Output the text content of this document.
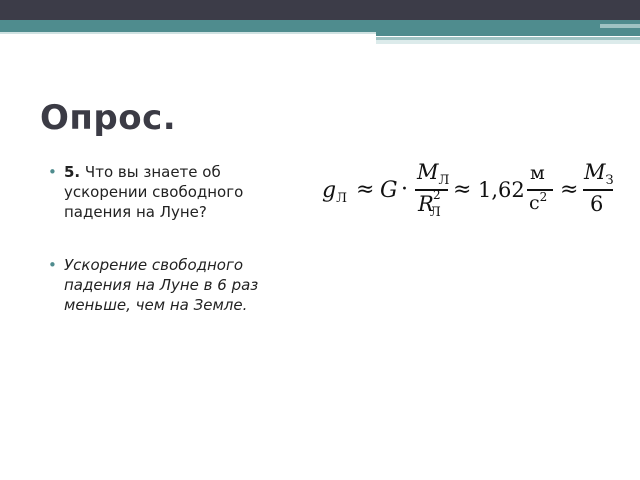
Опрос.
• 5. Что вы знаете об ускорении свободного падения на Луне?
• Ускорение свободного падения на Луне в 6 раз меньше, чем на Земле.
$g_Л \approx G$ ·
$M_Л$
$R_Л$
2 ≈ 1,62
м
$с^2$ ≈
$M_З$
6
